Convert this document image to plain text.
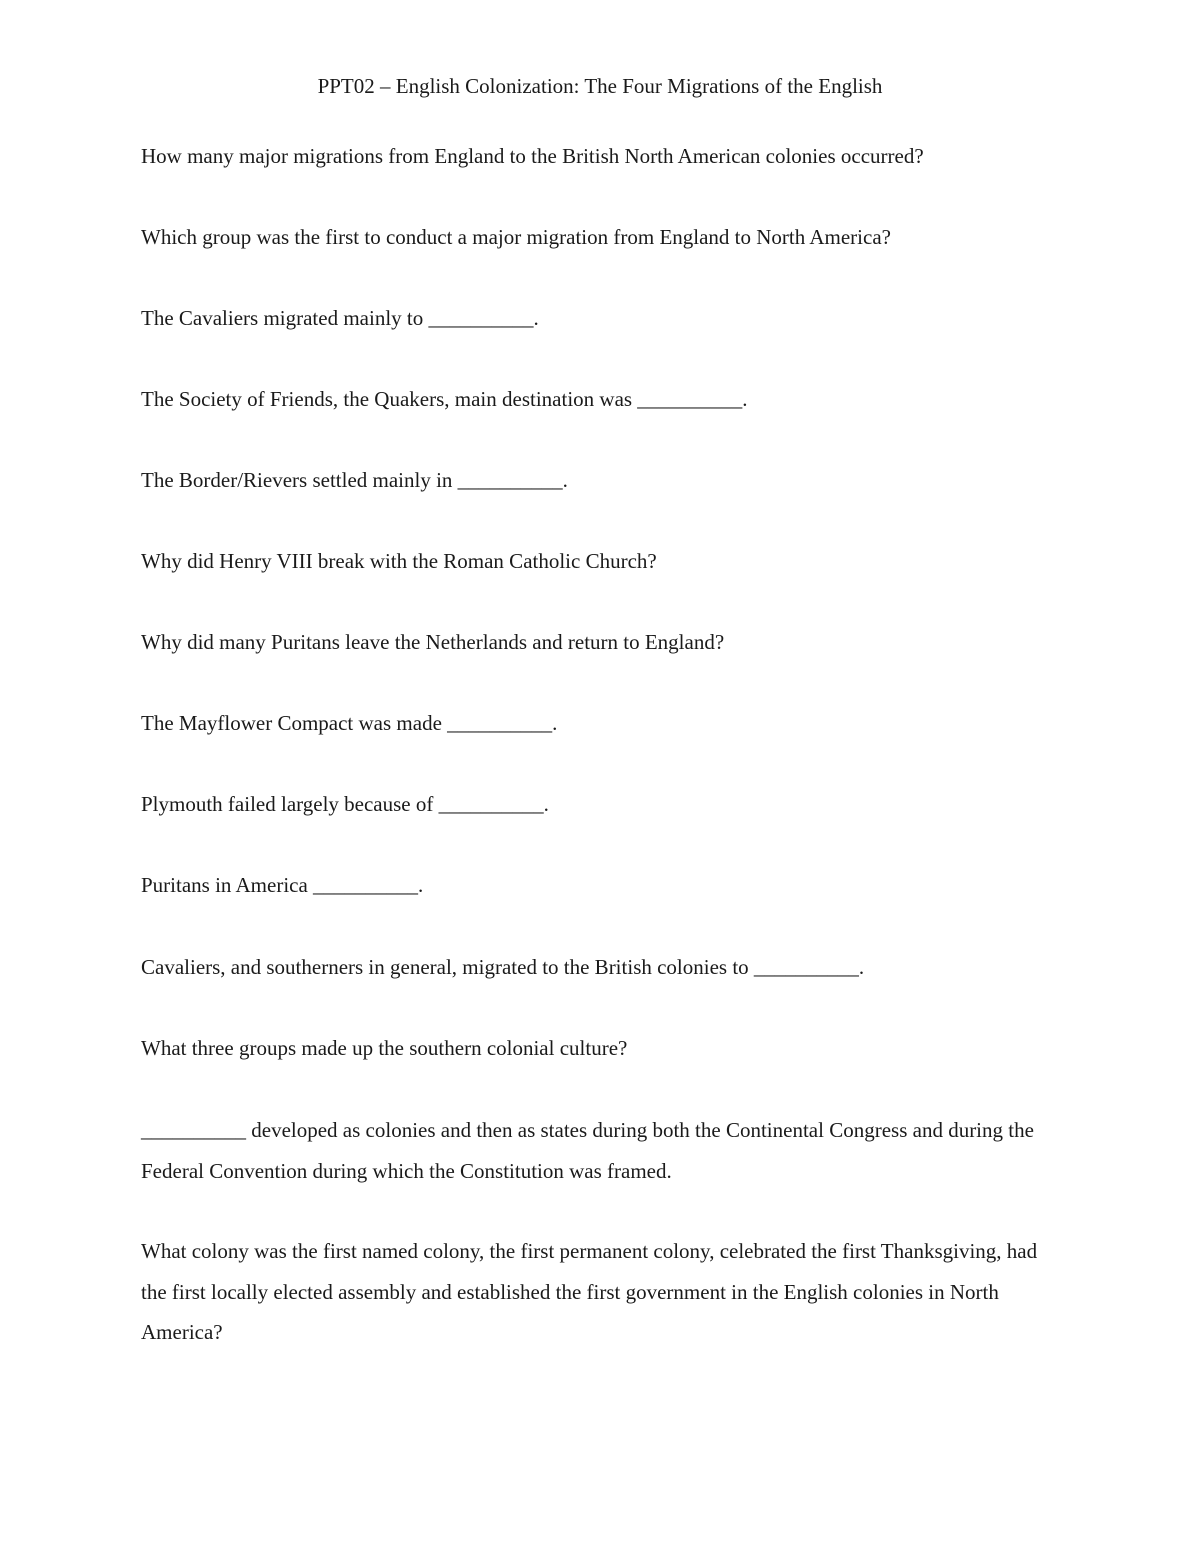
PPT02 – English Colonization: The Four Migrations of the English

How many major migrations from England to the British North American colonies occurred?

Which group was the first to conduct a major migration from England to North America?

The Cavaliers migrated mainly to __________.

The Society of Friends, the Quakers, main destination was __________.

The Border/Rievers settled mainly in __________.

Why did Henry VIII break with the Roman Catholic Church?

Why did many Puritans leave the Netherlands and return to England?

The Mayflower Compact was made __________.

Plymouth failed largely because of __________.

Puritans in America __________.

Cavaliers, and southerners in general, migrated to the British colonies to __________.

What three groups made up the southern colonial culture?

__________ developed as colonies and then as states during both the Continental Congress and during the Federal Convention during which the Constitution was framed.

What colony was the first named colony, the first permanent colony, celebrated the first Thanksgiving, had the first locally elected assembly and established the first government in the English colonies in North America?
